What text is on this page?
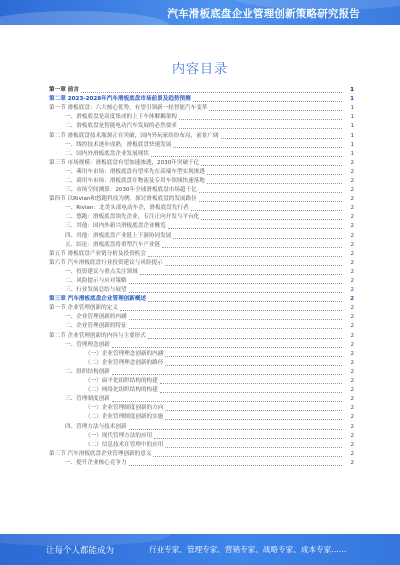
汽车滑板底盘企业管理创新策略研究报告
内容目录
第一章 前言	1
第二章 2023-2028年汽车滑板底盘市场前景及趋势预测	1
第一节 滑板底盘：六大核心优势，有望引领新一轮智能汽车变革	1
一、滑板底盘是高度集成的上下车体解耦架构	1
二、滑板底盘是智能电动汽车发展的必然要求	1
第二节 滑板底盘技术瓶颈正在突破，国内外玩家纷纷布局，前景广阔	1
一、线控技术逐步成熟，滑板底盘快速发展	1
二、国内外滑板底盘企业发展现状	1
第三节 市场规模：滑板底盘有望加速渗透，2030年突破千亿	2
一、乘用车市场：滑板底盘有望率先在高端车型实现渗透	2
二、商用车市场：滑板底盘在物流及专用车领域快速落地	2
三、市场空间测算：2030年全球滑板底盘市场超千亿	2
第四节 以Rivian和悠跑科技为例，探讨滑板底盘的发展路径	2
一、Rivian：北美头部电动车企，滑板底盘先行者	2
二、悠跑：滑板底盘领先企业，专注正向开发与平台化	2
三、其他：国内外新兴滑板底盘企业概览	2
四、其他：滑板底盘产业链上下游协同发展	2
五、结论：滑板底盘将重塑汽车产业链	2
第五节 滑板底盘产业链分析及投资机会	2
第六节 汽车滑板底盘行业投资建议与风险提示	2
一、投资建议与重点关注领域	2
二、风险提示与应对策略	2
三、行业发展总结与展望	2
第三章 汽车滑板底盘企业管理创新概述	2
第一节 企业管理创新的定义	2
一、企业管理创新的内涵	2
二、企业管理创新的特征	2
第二节 企业管理创新的内容与主要形式	2
一、管理理念创新	2
（一）企业管理理念创新的内涵	2
（二）企业管理理念创新的路径	2
二、组织结构创新	2
（一）扁平化组织结构的构建	2
（二）网络化组织结构的构建	2
三、管理制度创新	2
（一）企业管理制度创新的方向	2
（二）企业管理制度创新的实施	2
四、管理方法与技术创新	2
（一）现代管理方法的应用	2
（二）信息技术在管理中的应用	2
第三节 汽车滑板底盘企业管理创新的意义	2
一、提升企业核心竞争力	2
让每个人都能成为	行业专家、管理专家、营销专家、战略专家、成本专家……
